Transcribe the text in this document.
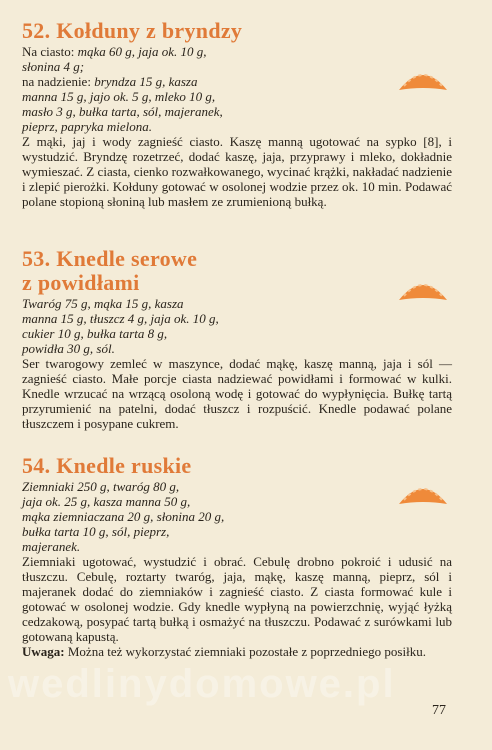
52. Kołduny z bryndzy

Na ciasto: mąka 60 g, jaja ok. 10 g,

słonina 4 g;

na nadzienie: bryndza 15 g, kasza

manna 15 g, jajo ok. 5 g, mleko 10 g,

masło 3 g, bułka tarta, sól, majeranek,

pieprz, papryka mielona.

Z mąki, jaj i wody zagnieść ciasto. Kaszę manną ugotować na sypko [8], i wystudzić. Bryndzę rozetrzeć, dodać kaszę, jaja, przyprawy i mleko, dokładnie wymieszać. Z ciasta, cienko rozwałkowanego, wycinać krążki, nakładać nadzienie i zlepić pierożki. Kołduny gotować w osolonej wodzie przez ok. 10 min. Podawać polane stopioną słoniną lub masłem ze zrumienioną bułką.

53. Knedle serowe
z powidłami

Twaróg 75 g, mąka 15 g, kasza

manna 15 g, tłuszcz 4 g, jaja ok. 10 g,

cukier 10 g, bułka tarta 8 g,

powidła 30 g, sól.

Ser twarogowy zemleć w maszynce, dodać mąkę, kaszę manną, jaja i sól — zagnieść ciasto. Małe porcje ciasta nadziewać powidłami i formować w kulki. Knedle wrzucać na wrzącą osoloną wodę i gotować do wypłynięcia. Bułkę tartą przyrumienić na patelni, dodać tłuszcz i rozpuścić. Knedle podawać polane tłuszczem i posypane cukrem.

54. Knedle ruskie

Ziemniaki 250 g, twaróg 80 g,

jaja ok. 25 g, kasza manna 50 g,

mąka ziemniaczana 20 g, słonina 20 g,

bułka tarta 10 g, sól, pieprz,

majeranek.

Ziemniaki ugotować, wystudzić i obrać. Cebulę drobno pokroić i udusić na tłuszczu. Cebulę, roztarty twaróg, jaja, mąkę, kaszę manną, pieprz, sól i majeranek dodać do ziemniaków i zagnieść ciasto. Z ciasta formować kule i gotować w osolonej wodzie. Gdy knedle wypłyną na powierzchnię, wyjąć łyżką cedzakową, posypać tartą bułką i osmażyć na tłuszczu. Podawać z surówkami lub gotowaną kapustą.

Uwaga: Można też wykorzystać ziemniaki pozostałe z poprzedniego posiłku.

wedlinydomowe.pl
77
